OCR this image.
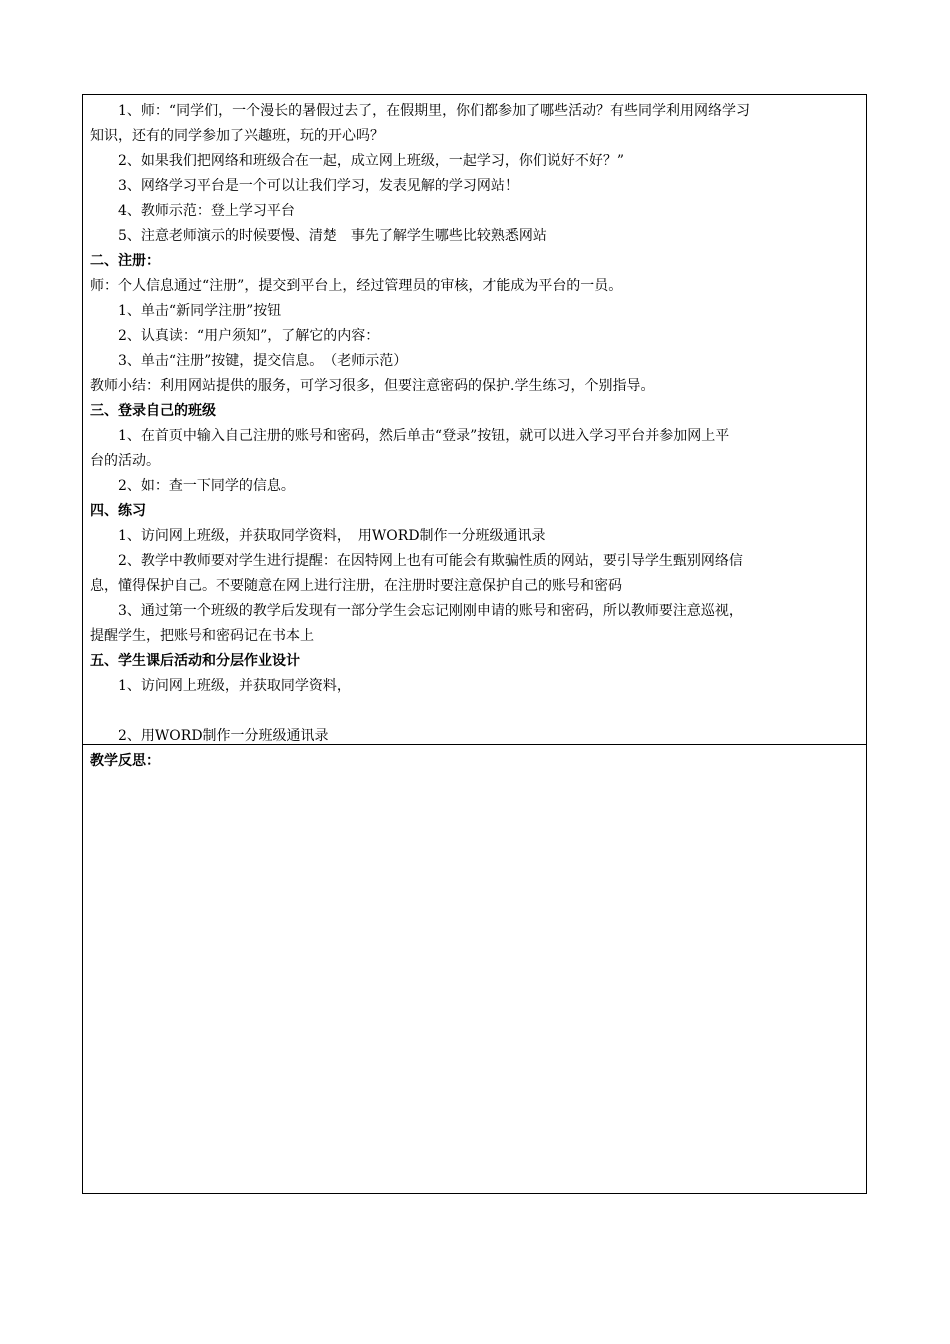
1、师：“同学们，一个漫长的暑假过去了，在假期里，你们都参加了哪些活动？有些同学利用网络学习

知识，还有的同学参加了兴趣班，玩的开心吗？

2、如果我们把网络和班级合在一起，成立网上班级，一起学习，你们说好不好？”

3、网络学习平台是一个可以让我们学习，发表见解的学习网站！

4、教师示范：登上学习平台

5、注意老师演示的时候要慢、清楚　事先了解学生哪些比较熟悉网站

二、注册：

师：个人信息通过“注册”，提交到平台上，经过管理员的审核，才能成为平台的一员。

1、单击“新同学注册”按钮

2、认真读：“用户须知”，了解它的内容：

3、单击“注册”按键，提交信息。　（老师示范）

教师小结：利用网站提供的服务，可学习很多，但要注意密码的保护.学生练习，个别指导。

三、登录自己的班级

1、在首页中输入自己注册的账号和密码，然后单击“登录”按钮，就可以进入学习平台并参加网上平

台的活动。

2、如：查一下同学的信息。

四、练习

1、访问网上班级，并获取同学资料，　用WORD制作一分班级通讯录

2、教学中教师要对学生进行提醒：在因特网上也有可能会有欺骗性质的网站，要引导学生甄别网络信

息，懂得保护自己。不要随意在网上进行注册，在注册时要注意保护自己的账号和密码

3、通过第一个班级的教学后发现有一部分学生会忘记刚刚申请的账号和密码，所以教师要注意巡视，

提醒学生，把账号和密码记在书本上

五、学生课后活动和分层作业设计

1、访问网上班级，并获取同学资料，

2、用WORD制作一分班级通讯录

教学反思：
